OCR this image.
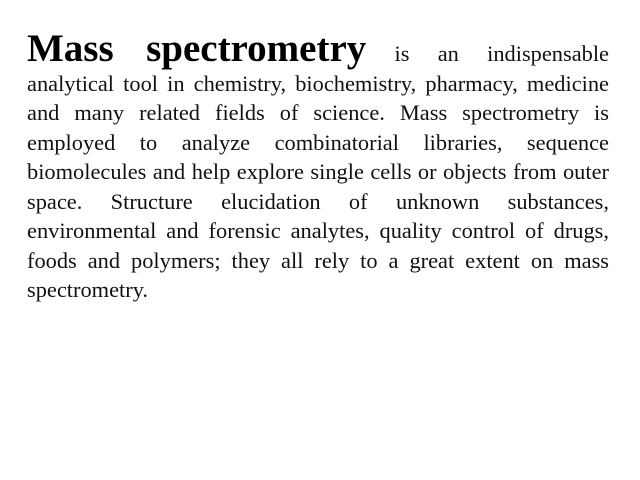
Mass spectrometry is an indispensable analytical tool in chemistry, biochemistry, pharmacy, medicine and many related fields of science. Mass spectrometry is employed to analyze combinatorial libraries, sequence biomolecules and help explore single cells or objects from outer space. Structure elucidation of unknown substances, environmental and forensic analytes, quality control of drugs, foods and polymers; they all rely to a great extent on mass spectrometry.
